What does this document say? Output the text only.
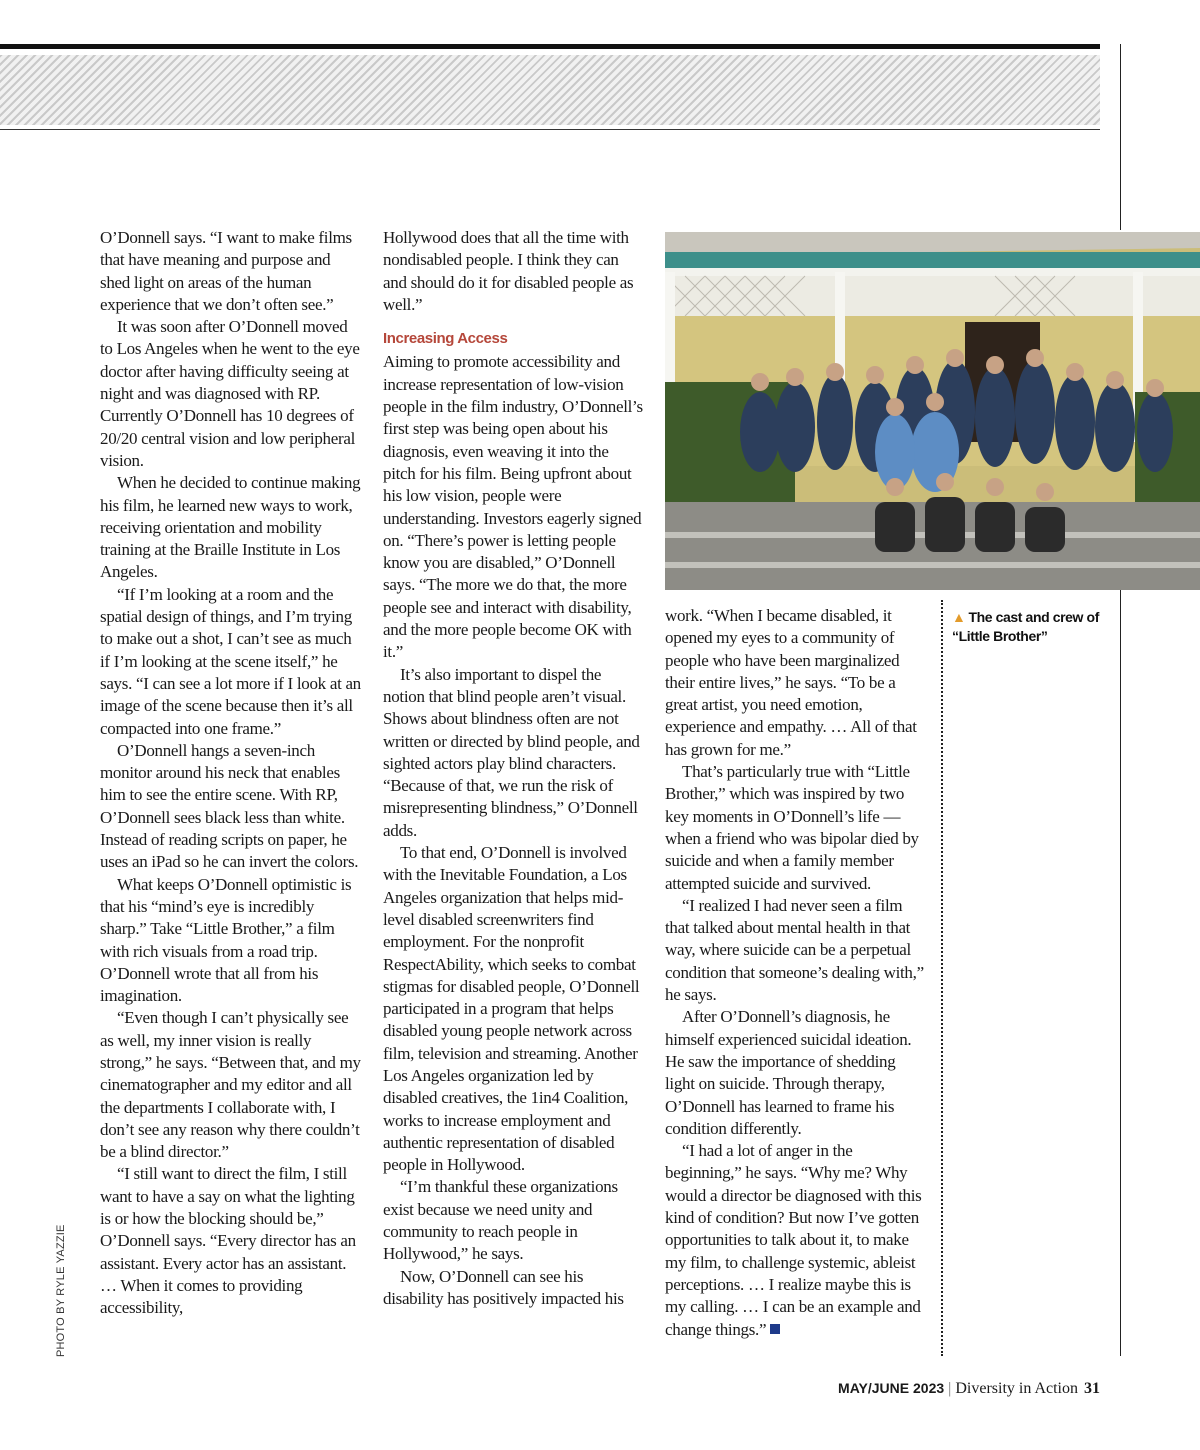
O’Donnell says. “I want to make films that have meaning and purpose and shed light on areas of the human experience that we don’t often see.”

It was soon after O’Donnell moved to Los Angeles when he went to the eye doctor after having difficulty seeing at night and was diagnosed with RP. Currently O’Donnell has 10 degrees of 20/20 central vision and low peripheral vision.

When he decided to continue making his film, he learned new ways to work, receiving orientation and mobility training at the Braille Institute in Los Angeles.

“If I’m looking at a room and the spatial design of things, and I’m trying to make out a shot, I can’t see as much if I’m looking at the scene itself,” he says. “I can see a lot more if I look at an image of the scene because then it’s all compacted into one frame.”

O’Donnell hangs a seven-inch monitor around his neck that enables him to see the entire scene. With RP, O’Donnell sees black less than white. Instead of reading scripts on paper, he uses an iPad so he can invert the colors.

What keeps O’Donnell optimistic is that his “mind’s eye is incredibly sharp.” Take “Little Brother,” a film with rich visuals from a road trip. O’Donnell wrote that all from his imagination.

“Even though I can’t physically see as well, my inner vision is really strong,” he says. “Between that, and my cinematographer and my editor and all the departments I collaborate with, I don’t see any reason why there couldn’t be a blind director.”

“I still want to direct the film, I still want to have a say on what the lighting is or how the blocking should be,” O’Donnell says. “Every director has an assistant. Every actor has an assistant. … When it comes to providing accessibility,

Hollywood does that all the time with nondisabled people. I think they can and should do it for disabled people as well.”

Increasing Access

Aiming to promote accessibility and increase representation of low-vision people in the film industry, O’Donnell’s first step was being open about his diagnosis, even weaving it into the pitch for his film. Being upfront about his low vision, people were understanding. Investors eagerly signed on. “There’s power is letting people know you are disabled,” O’Donnell says. “The more we do that, the more people see and interact with disability, and the more people become OK with it.”

It’s also important to dispel the notion that blind people aren’t visual. Shows about blindness often are not written or directed by blind people, and sighted actors play blind characters. “Because of that, we run the risk of misrepresenting blindness,” O’Donnell adds.

To that end, O’Donnell is involved with the Inevitable Foundation, a Los Angeles organization that helps mid-level disabled screenwriters find employment. For the nonprofit RespectAbility, which seeks to combat stigmas for disabled people, O’Donnell participated in a program that helps disabled young people network across film, television and streaming. Another Los Angeles organization led by disabled creatives, the 1in4 Coalition, works to increase employment and authentic representation of disabled people in Hollywood.

“I’m thankful these organizations exist because we need unity and community to reach people in Hollywood,” he says.

Now, O’Donnell can see his disability has positively impacted his

▲ The cast and crew of “Little Brother”

work. “When I became disabled, it opened my eyes to a community of people who have been marginalized their entire lives,” he says. “To be a great artist, you need emotion, experience and empathy. … All of that has grown for me.”

That’s particularly true with “Little Brother,” which was inspired by two key moments in O’Donnell’s life — when a friend who was bipolar died by suicide and when a family member attempted suicide and survived.

“I realized I had never seen a film that talked about mental health in that way, where suicide can be a perpetual condition that someone’s dealing with,” he says.

After O’Donnell’s diagnosis, he himself experienced suicidal ideation. He saw the importance of shedding light on suicide. Through therapy, O’Donnell has learned to frame his condition differently.

“I had a lot of anger in the beginning,” he says. “Why me? Why would a director be diagnosed with this kind of condition? But now I’ve gotten opportunities to talk about it, to make my film, to challenge systemic, ableist perceptions. … I realize maybe this is my calling. … I can be an example and change things.”

PHOTO BY RYLE YAZZIE
MAY/JUNE 2023 | Diversity in Action 31
